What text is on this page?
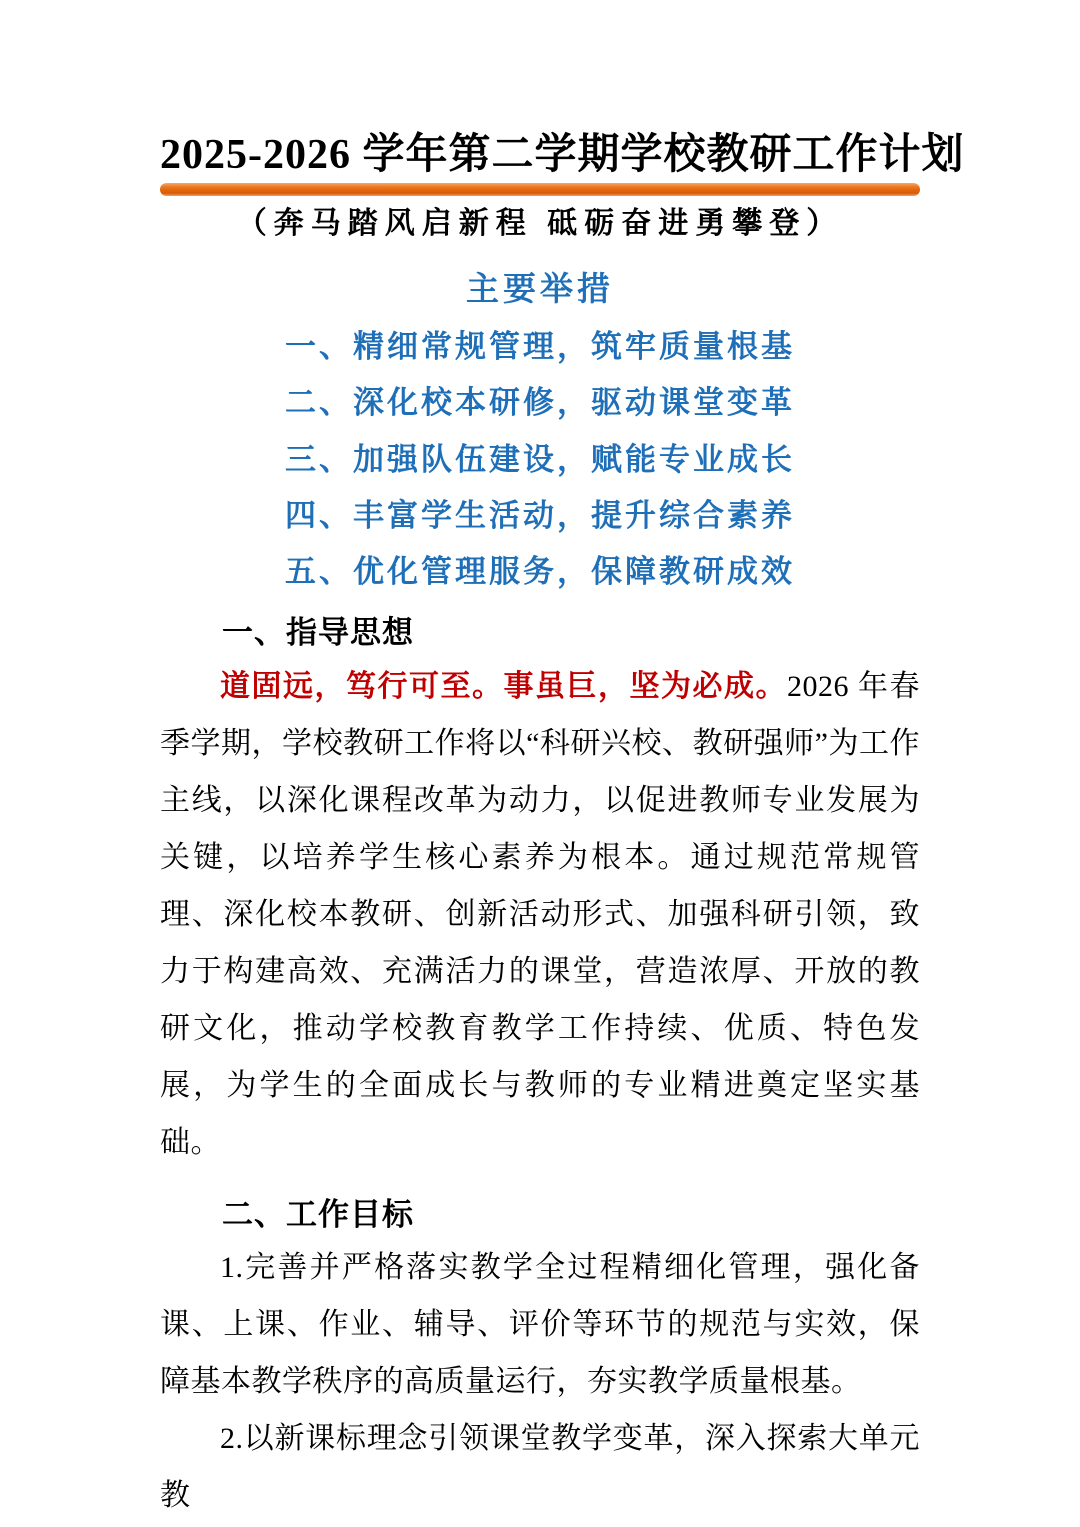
2025-2026 学年第二学期学校教研工作计划
（奔马踏风启新程 砥砺奋进勇攀登）
主要举措
一、精细常规管理，筑牢质量根基
二、深化校本研修，驱动课堂变革
三、加强队伍建设，赋能专业成长
四、丰富学生活动，提升综合素养
五、优化管理服务，保障教研成效
一、指导思想

道固远，笃行可至。事虽巨，坚为必成。2026 年春季学期，学校教研工作将以“科研兴校、教研强师”为工作主线，以深化课程改革为动力，以促进教师专业发展为关键，以培养学生核心素养为根本。通过规范常规管理、深化校本教研、创新活动形式、加强科研引领，致力于构建高效、充满活力的课堂，营造浓厚、开放的教研文化，推动学校教育教学工作持续、优质、特色发展，为学生的全面成长与教师的专业精进奠定坚实基础。

二、工作目标

1.完善并严格落实教学全过程精细化管理，强化备课、上课、作业、辅导、评价等环节的规范与实效，保障基本教学秩序的高质量运行，夯实教学质量根基。

2.以新课标理念引领课堂教学变革，深入探索大单元教
